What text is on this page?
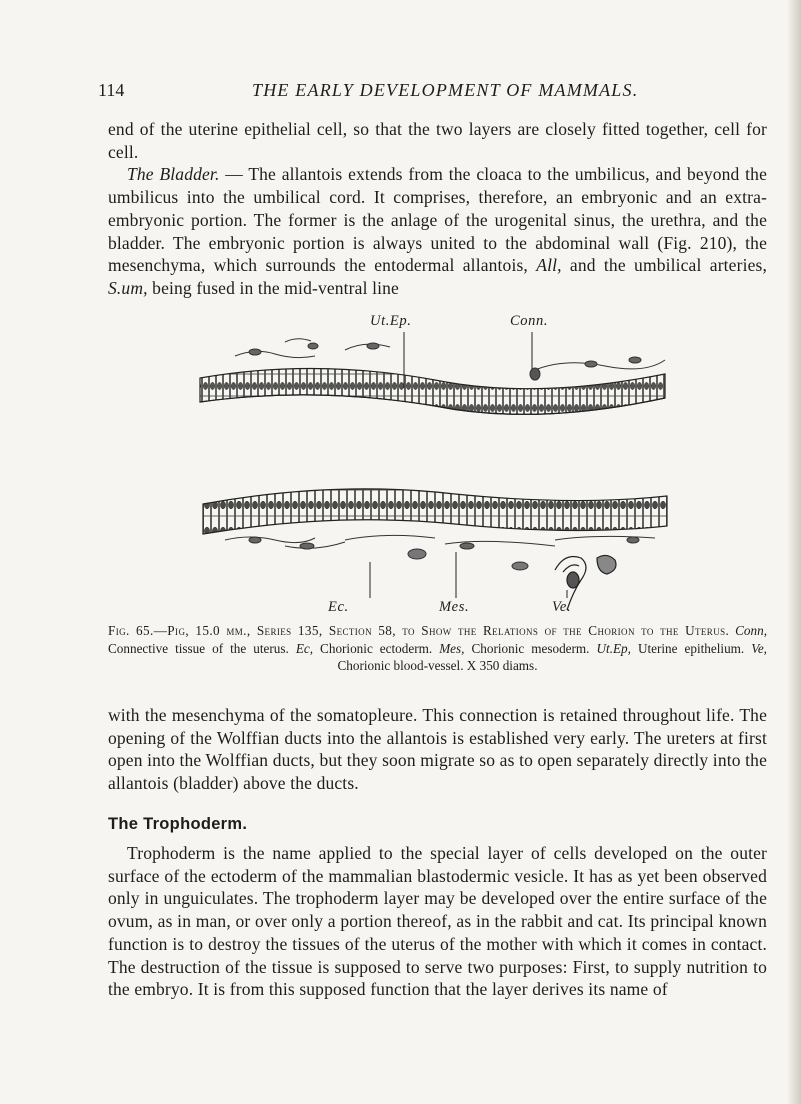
114	THE EARLY DEVELOPMENT OF MAMMALS.

end of the uterine epithelial cell, so that the two layers are closely fitted together, cell for cell.
The Bladder. — The allantois extends from the cloaca to the umbilicus, and beyond the umbilicus into the umbilical cord. It comprises, therefore, an embryonic and an extra-embryonic portion. The former is the anlage of the urogenital sinus, the urethra, and the bladder. The embryonic portion is always united to the abdominal wall (Fig. 210), the mesenchyma, which surrounds the entodermal allantois, All, and the umbilical arteries, S.um, being fused in the mid-ventral line

Ut.Ep.	Conn.
Ec.	Mes.	Ve.

Fig. 65.—Pig, 15.0 mm., Series 135, Section 58, to Show the Relations of the Chorion to the Uterus. Conn, Connective tissue of the uterus. Ec, Chorionic ectoderm. Mes, Chorionic mesoderm. Ut.Ep, Uterine epithelium. Ve, Chorionic blood-vessel. X 350 diams.

with the mesenchyma of the somatopleure. This connection is retained throughout life. The opening of the Wolffian ducts into the allantois is established very early. The ureters at first open into the Wolffian ducts, but they soon migrate so as to open separately directly into the allantois (bladder) above the ducts.

The Trophoderm.

Trophoderm is the name applied to the special layer of cells developed on the outer surface of the ectoderm of the mammalian blastodermic vesicle. It has as yet been observed only in unguiculates. The trophoderm layer may be developed over the entire surface of the ovum, as in man, or over only a portion thereof, as in the rabbit and cat. Its principal known function is to destroy the tissues of the uterus of the mother with which it comes in contact. The destruction of the tissue is supposed to serve two purposes: First, to supply nutrition to the embryo. It is from this supposed function that the layer derives its name of
